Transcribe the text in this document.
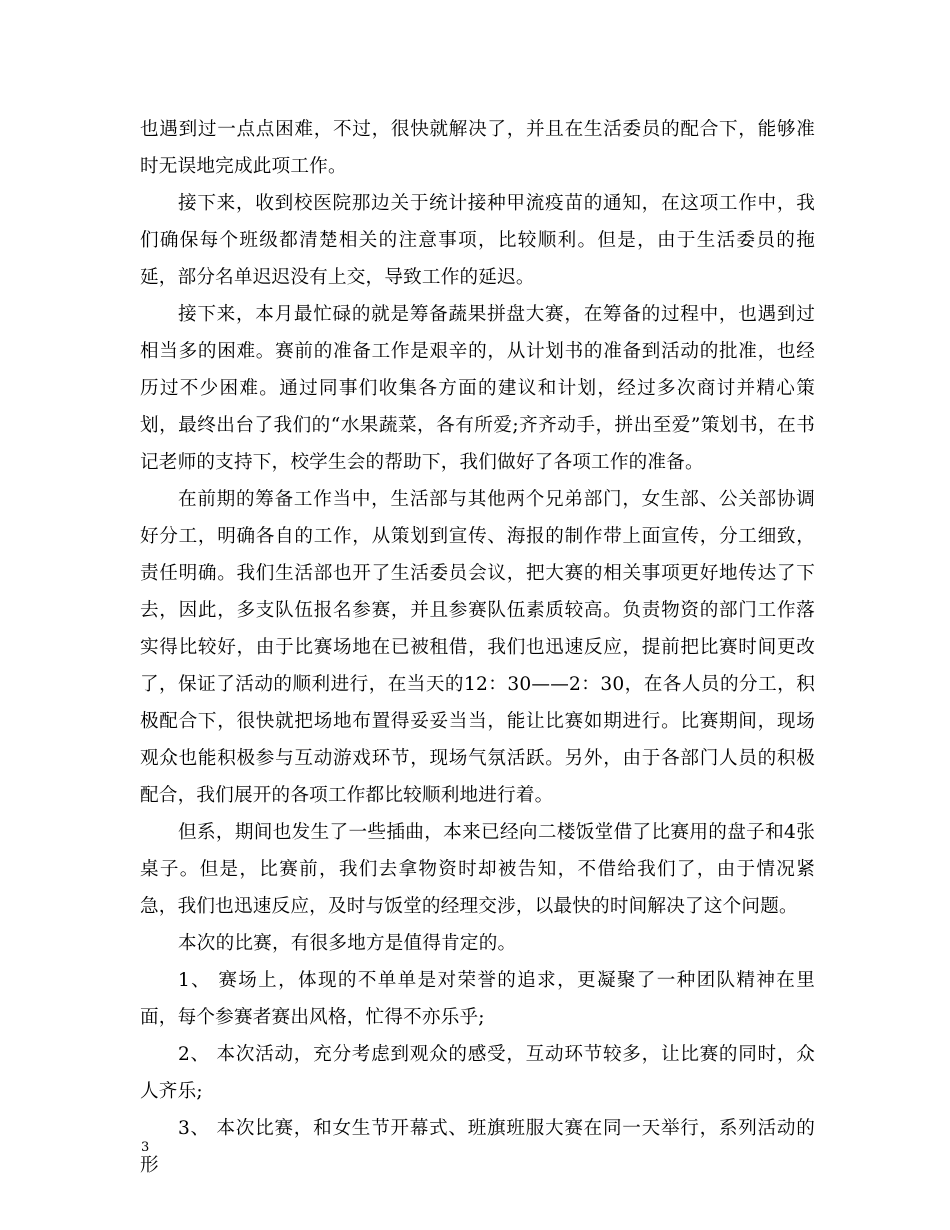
也遇到过一点点困难，不过，很快就解决了，并且在生活委员的配合下，能够准时无误地完成此项工作。

接下来，收到校医院那边关于统计接种甲流疫苗的通知，在这项工作中，我们确保每个班级都清楚相关的注意事项，比较顺利。但是，由于生活委员的拖延，部分名单迟迟没有上交，导致工作的延迟。

接下来，本月最忙碌的就是筹备蔬果拼盘大赛，在筹备的过程中，也遇到过相当多的困难。赛前的准备工作是艰辛的，从计划书的准备到活动的批准，也经历过不少困难。通过同事们收集各方面的建议和计划，经过多次商讨并精心策划，最终出台了我们的“水果蔬菜，各有所爱;齐齐动手，拼出至爱”策划书，在书记老师的支持下，校学生会的帮助下，我们做好了各项工作的准备。

在前期的筹备工作当中，生活部与其他两个兄弟部门，女生部、公关部协调好分工，明确各自的工作，从策划到宣传、海报的制作带上面宣传，分工细致，责任明确。我们生活部也开了生活委员会议，把大赛的相关事项更好地传达了下去，因此，多支队伍报名参赛，并且参赛队伍素质较高。负责物资的部门工作落实得比较好，由于比赛场地在已被租借，我们也迅速反应，提前把比赛时间更改了，保证了活动的顺利进行，在当天的12：30——2：30，在各人员的分工，积极配合下，很快就把场地布置得妥妥当当，能让比赛如期进行。比赛期间，现场观众也能积极参与互动游戏环节，现场气氛活跃。另外，由于各部门人员的积极配合，我们展开的各项工作都比较顺利地进行着。

但系，期间也发生了一些插曲，本来已经向二楼饭堂借了比赛用的盘子和4张桌子。但是，比赛前，我们去拿物资时却被告知，不借给我们了，由于情况紧急，我们也迅速反应，及时与饭堂的经理交涉，以最快的时间解决了这个问题。

本次的比赛，有很多地方是值得肯定的。

1、 赛场上，体现的不单单是对荣誉的追求，更凝聚了一种团队精神在里面，每个参赛者赛出风格，忙得不亦乐乎;

2、 本次活动，充分考虑到观众的感受，互动环节较多，让比赛的同时，众人齐乐;

3、 本次比赛，和女生节开幕式、班旗班服大赛在同一天举行，系列活动的形

3
